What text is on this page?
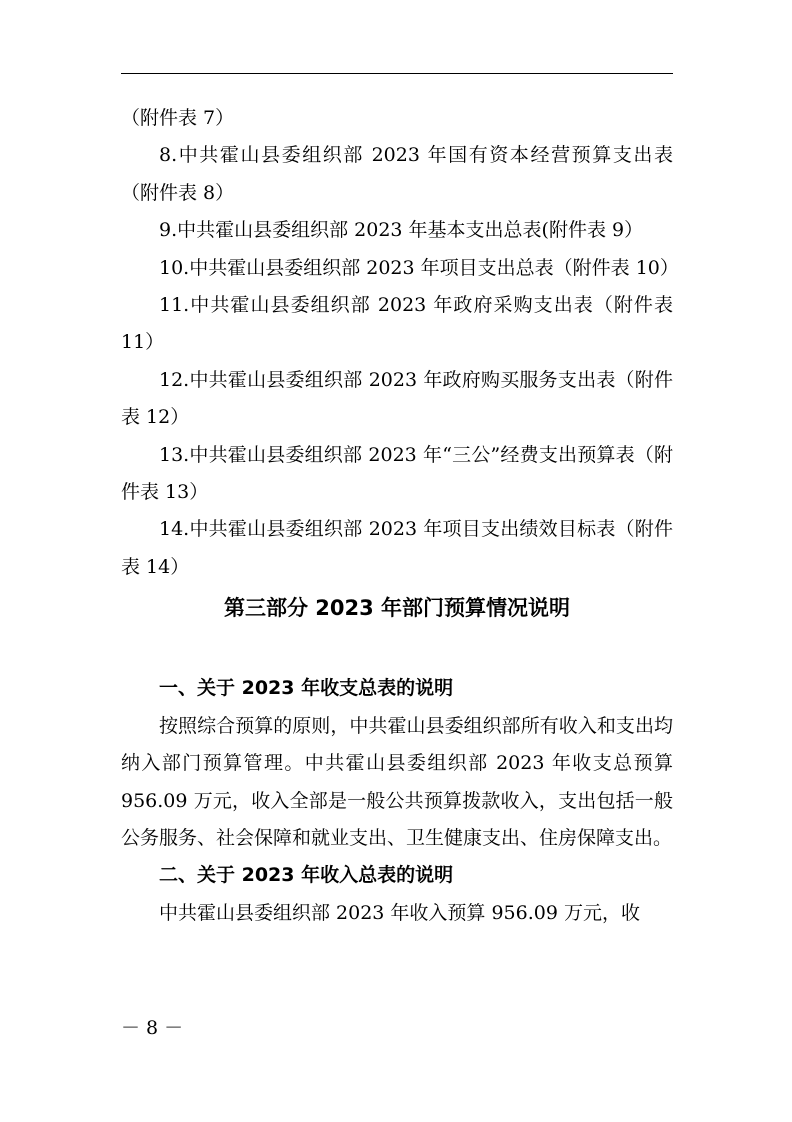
（附件表 7）

8.中共霍山县委组织部 2023 年国有资本经营预算支出表（附件表 8）

9.中共霍山县委组织部 2023 年基本支出总表(附件表 9）

10.中共霍山县委组织部 2023 年项目支出总表（附件表 10）

11.中共霍山县委组织部 2023 年政府采购支出表（附件表 11）

12.中共霍山县委组织部 2023 年政府购买服务支出表（附件表 12）

13.中共霍山县委组织部 2023 年“三公”经费支出预算表（附件表 13）

14.中共霍山县委组织部 2023 年项目支出绩效目标表（附件表 14）

第三部分 2023 年部门预算情况说明

一、关于 2023 年收支总表的说明

按照综合预算的原则，中共霍山县委组织部所有收入和支出均纳入部门预算管理。中共霍山县委组织部 2023 年收支总预算 956.09 万元，收入全部是一般公共预算拨款收入，支出包括一般公务服务、社会保障和就业支出、卫生健康支出、住房保障支出。

二、关于 2023 年收入总表的说明

中共霍山县委组织部 2023 年收入预算 956.09 万元，收

－ 8 －
